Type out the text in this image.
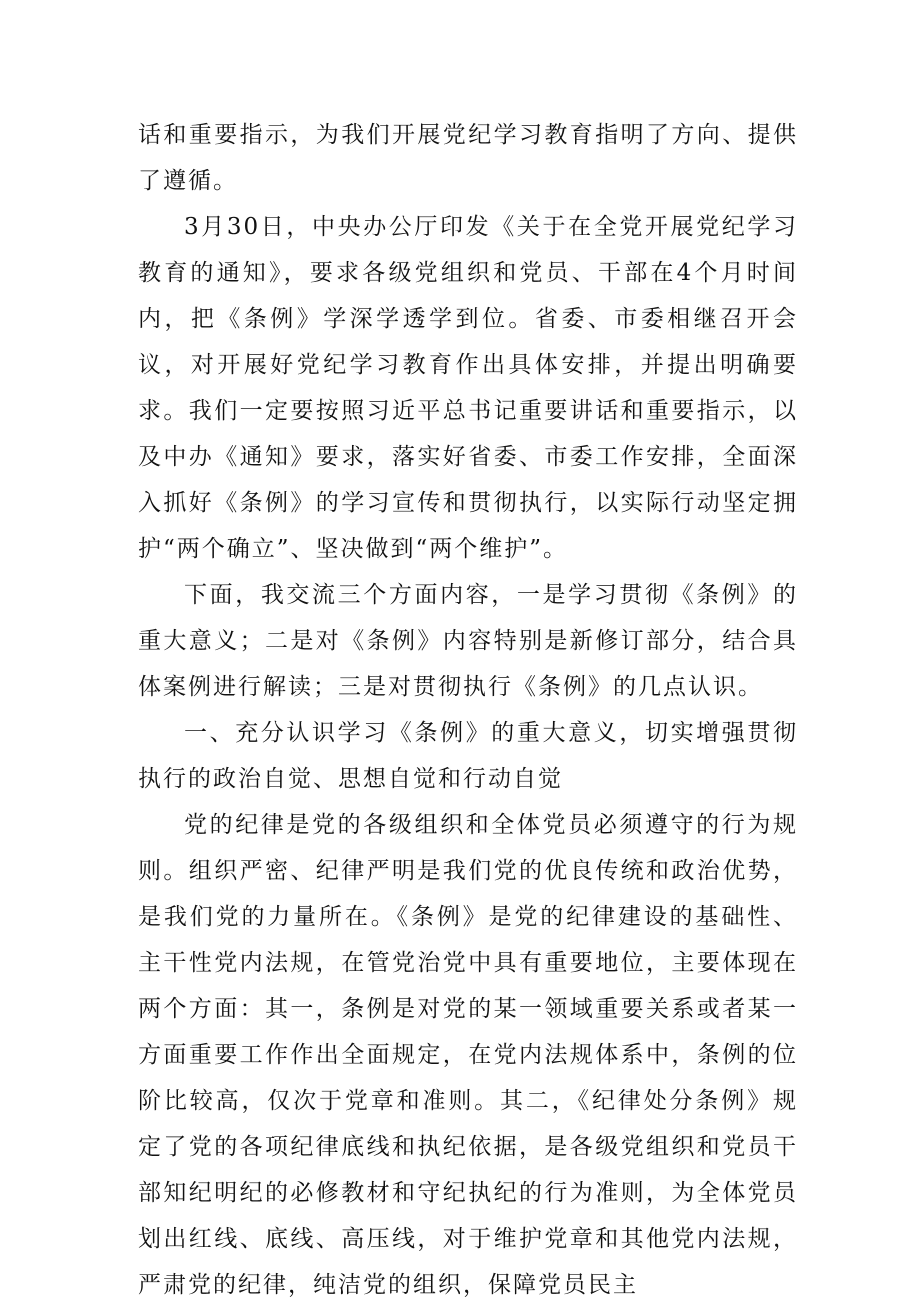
话和重要指示，为我们开展党纪学习教育指明了方向、提供了遵循。

3月30日，中央办公厅印发《关于在全党开展党纪学习教育的通知》，要求各级党组织和党员、干部在4个月时间内，把《条例》学深学透学到位。省委、市委相继召开会议，对开展好党纪学习教育作出具体安排，并提出明确要求。我们一定要按照习近平总书记重要讲话和重要指示，以及中办《通知》要求，落实好省委、市委工作安排，全面深入抓好《条例》的学习宣传和贯彻执行，以实际行动坚定拥护“两个确立”、坚决做到“两个维护”。

下面，我交流三个方面内容，一是学习贯彻《条例》的重大意义；二是对《条例》内容特别是新修订部分，结合具体案例进行解读；三是对贯彻执行《条例》的几点认识。

一、充分认识学习《条例》的重大意义，切实增强贯彻执行的政治自觉、思想自觉和行动自觉

党的纪律是党的各级组织和全体党员必须遵守的行为规则。组织严密、纪律严明是我们党的优良传统和政治优势，是我们党的力量所在。《条例》是党的纪律建设的基础性、主干性党内法规，在管党治党中具有重要地位，主要体现在两个方面：其一，条例是对党的某一领域重要关系或者某一方面重要工作作出全面规定，在党内法规体系中，条例的位阶比较高，仅次于党章和准则。其二，《纪律处分条例》规定了党的各项纪律底线和执纪依据，是各级党组织和党员干部知纪明纪的必修教材和守纪执纪的行为准则，为全体党员划出红线、底线、高压线，对于维护党章和其他党内法规，严肃党的纪律，纯洁党的组织，保障党员民主
